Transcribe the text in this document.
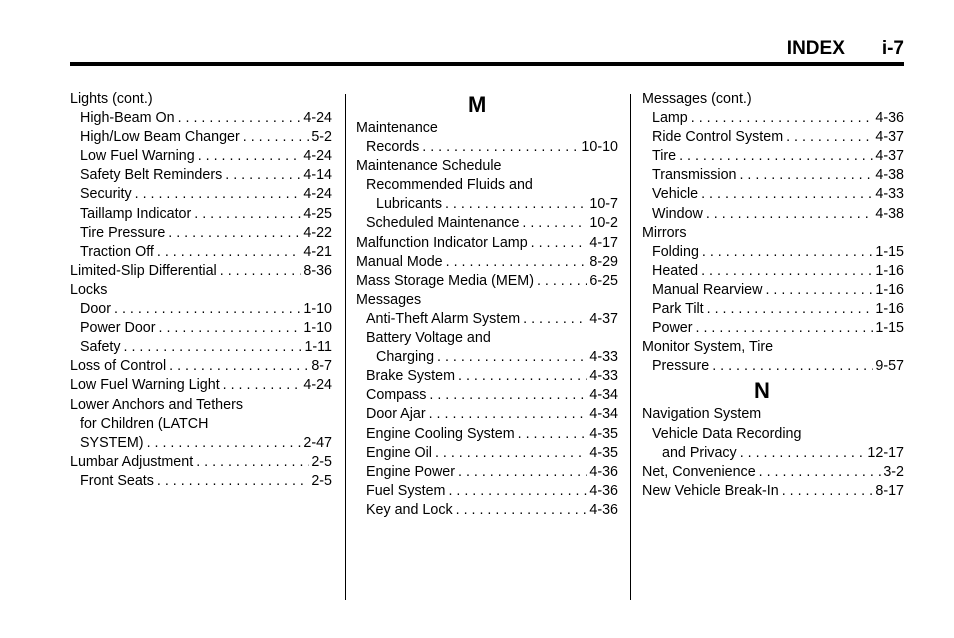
INDEX       i-7
Lights (cont.)
High-Beam On . . .	4-24
High/Low Beam Changer . . .	5-2
Low Fuel Warning . . .	4-24
Safety Belt Reminders . . .	4-14
Security . . .	4-24
Taillamp Indicator . . .	4-25
Tire Pressure . . .	4-22
Traction Off . . .	4-21
Limited-Slip Differential . . .	8-36
Locks
Door . . .	1-10
Power Door . . .	1-10
Safety . . .	1-11
Loss of Control . . .	8-7
Low Fuel Warning Light . . .	4-24
Lower Anchors and Tethers
for Children (LATCH
SYSTEM) . . .	2-47
Lumbar Adjustment . . .	2-5
Front Seats . . .	2-5
M
Maintenance
Records . . .	10-10
Maintenance Schedule
Recommended Fluids and
Lubricants . . .	10-7
Scheduled Maintenance . . .	10-2
Malfunction Indicator Lamp . . .	4-17
Manual Mode . . .	8-29
Mass Storage Media (MEM) . . .	6-25
Messages
Anti-Theft Alarm System . . .	4-37
Battery Voltage and
Charging . . .	4-33
Brake System . . .	4-33
Compass . . .	4-34
Door Ajar . . .	4-34
Engine Cooling System . . .	4-35
Engine Oil . . .	4-35
Engine Power . . .	4-36
Fuel System . . .	4-36
Key and Lock . . .	4-36
Messages (cont.)
Lamp . . .	4-36
Ride Control System . . .	4-37
Tire . . .	4-37
Transmission . . .	4-38
Vehicle . . .	4-33
Window . . .	4-38
Mirrors
Folding . . .	1-15
Heated . . .	1-16
Manual Rearview . . .	1-16
Park Tilt . . .	1-16
Power . . .	1-15
Monitor System, Tire
Pressure . . .	9-57
N
Navigation System
Vehicle Data Recording
and Privacy . . .	12-17
Net, Convenience . . .	3-2
New Vehicle Break-In . . .	8-17
